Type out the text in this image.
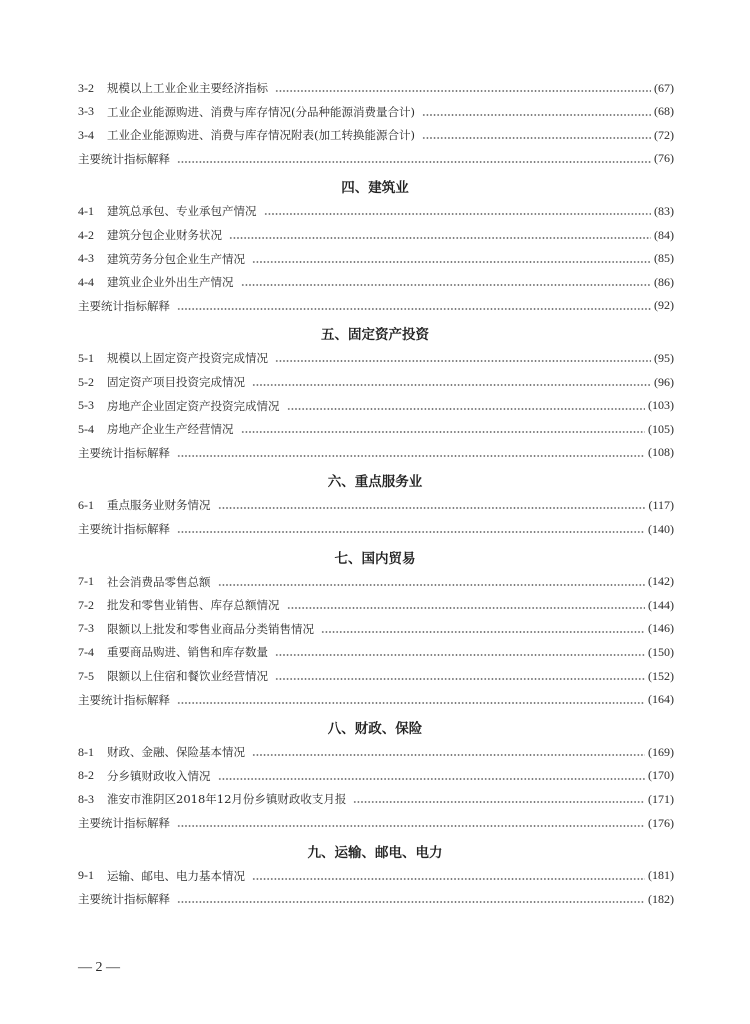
3-2	规模以上工业企业主要经济指标	(67)
3-3	工业企业能源购进、消费与库存情况(分品种能源消费量合计)	(68)
3-4	工业企业能源购进、消费与库存情况附表(加工转换能源合计)	(72)
主要统计指标解释	(76)
四、建筑业
4-1	建筑总承包、专业承包产情况	(83)
4-2	建筑分包企业财务状况	(84)
4-3	建筑劳务分包企业生产情况	(85)
4-4	建筑业企业外出生产情况	(86)
主要统计指标解释	(92)
五、固定资产投资
5-1	规模以上固定资产投资完成情况	(95)
5-2	固定资产项目投资完成情况	(96)
5-3	房地产企业固定资产投资完成情况	(103)
5-4	房地产企业生产经营情况	(105)
主要统计指标解释	(108)
六、重点服务业
6-1	重点服务业财务情况	(117)
主要统计指标解释	(140)
七、国内贸易
7-1	社会消费品零售总额	(142)
7-2	批发和零售业销售、库存总额情况	(144)
7-3	限额以上批发和零售业商品分类销售情况	(146)
7-4	重要商品购进、销售和库存数量	(150)
7-5	限额以上住宿和餐饮业经营情况	(152)
主要统计指标解释	(164)
八、财政、保险
8-1	财政、金融、保险基本情况	(169)
8-2	分乡镇财政收入情况	(170)
8-3	淮安市淮阴区2018年12月份乡镇财政收支月报	(171)
主要统计指标解释	(176)
九、运输、邮电、电力
9-1	运输、邮电、电力基本情况	(181)
主要统计指标解释	(182)
— 2 —
